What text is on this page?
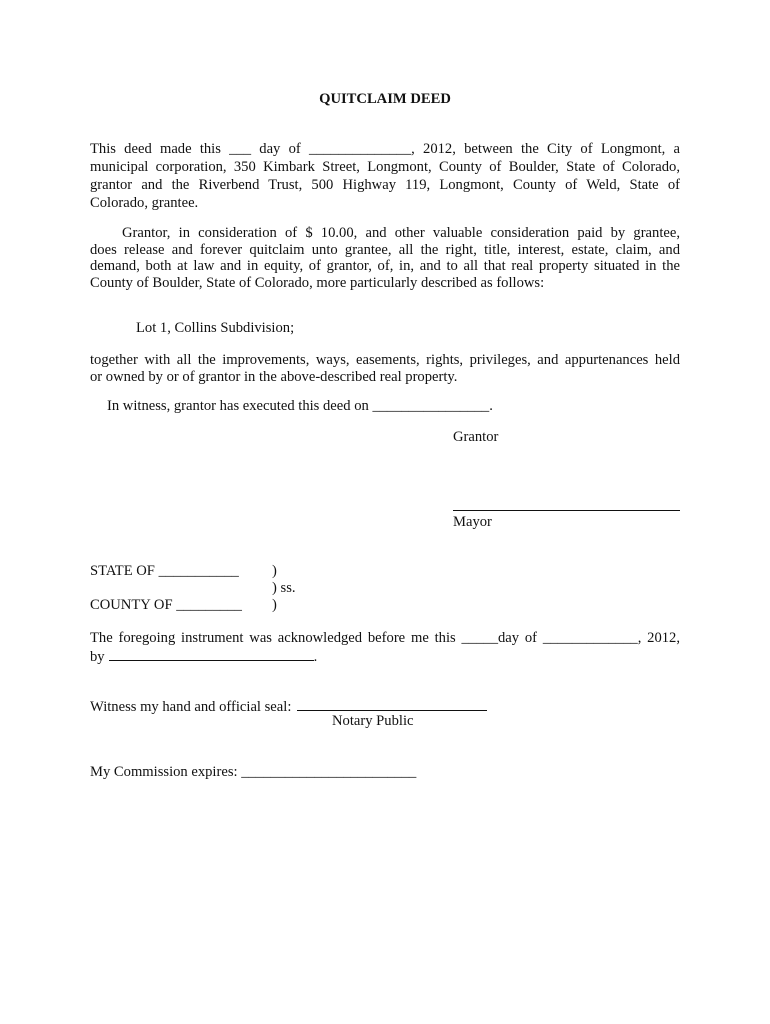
QUITCLAIM DEED
This deed made this ___ day of ______________, 2012, between the City of Longmont, a
municipal corporation, 350 Kimbark Street, Longmont, County of Boulder, State of Colorado,
grantor and the Riverbend Trust, 500 Highway 119, Longmont, County of Weld, State of
Colorado, grantee.
Grantor, in consideration of $ 10.00, and other valuable consideration paid by grantee,
does release and forever quitclaim unto grantee, all the right, title, interest, estate, claim, and
demand, both at law and in equity, of grantor, of, in, and to all that real property situated in the
County of Boulder, State of Colorado, more particularly described as follows:
Lot 1, Collins Subdivision;
together with all the improvements, ways, easements, rights, privileges, and appurtenances held
or owned by or of grantor in the above-described real property.
In witness, grantor has executed this deed on ________________.
Grantor
Mayor
STATE OF ___________
COUNTY OF _________
)
) ss.
)
The foregoing instrument was acknowledged before me this _____day of _____________, 2012,
by	.
Witness my hand and official seal:
Notary Public
My Commission expires: ________________________
